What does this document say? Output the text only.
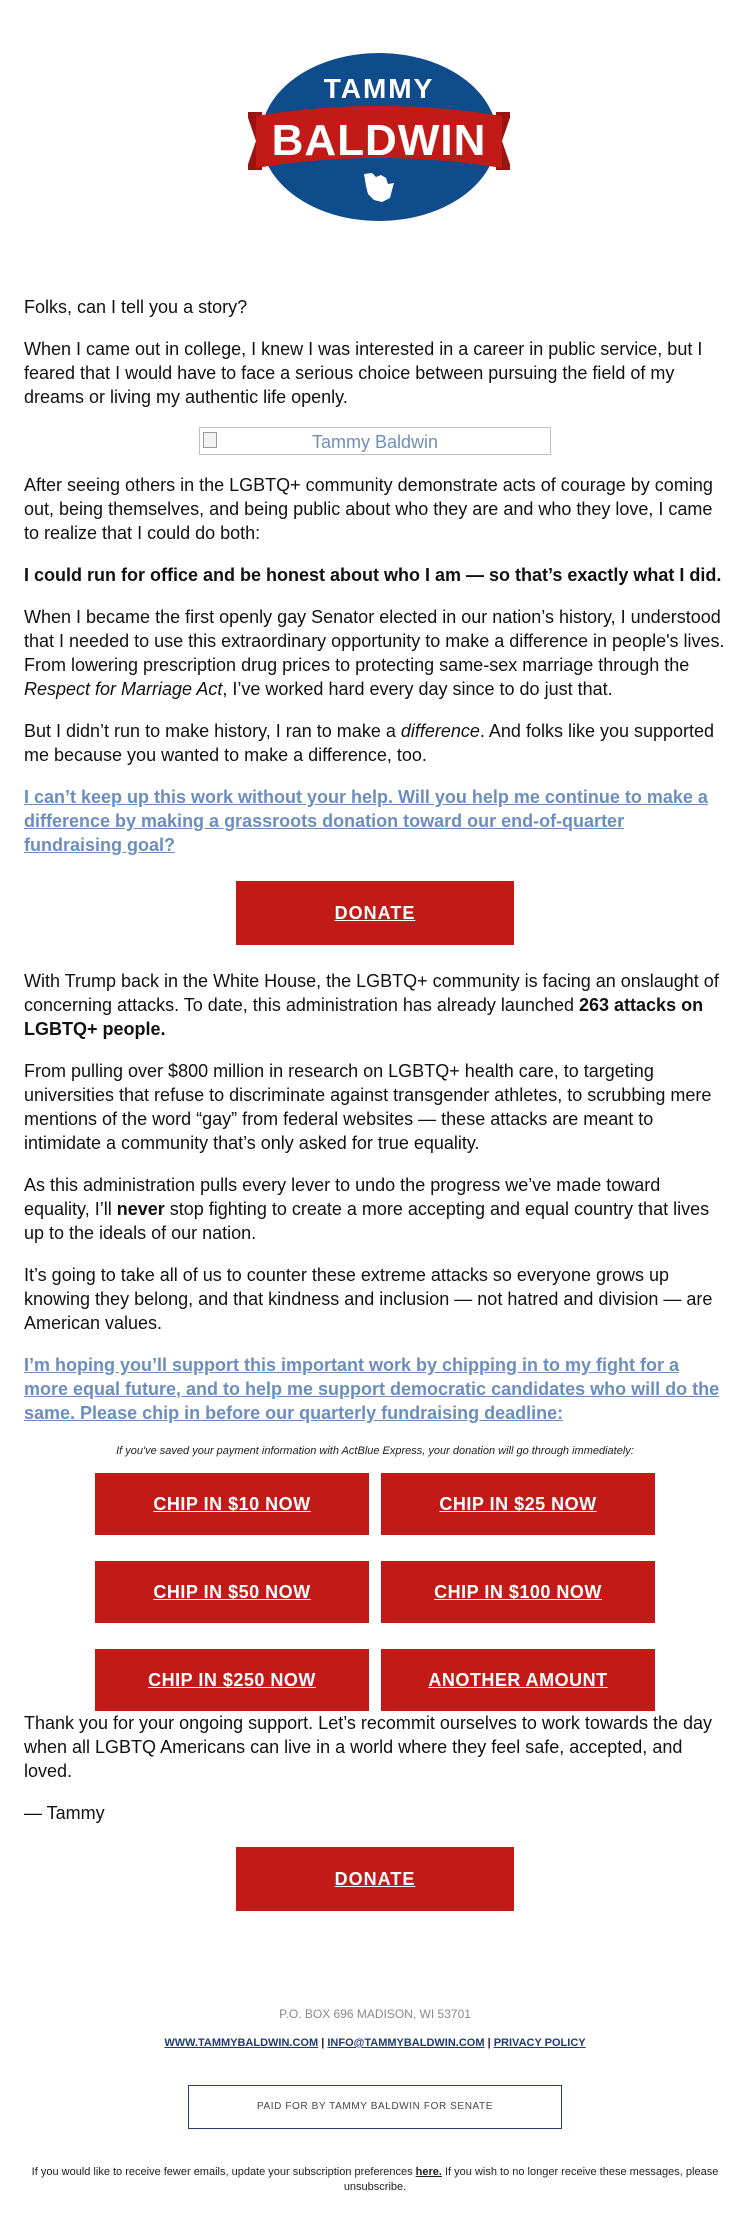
TAMMY
BALDWIN

Folks, can I tell you a story?

When I came out in college, I knew I was interested in a career in public service, but I feared that I would have to face a serious choice between pursuing the field of my dreams or living my authentic life openly.

Tammy Baldwin

After seeing others in the LGBTQ+ community demonstrate acts of courage by coming out, being themselves, and being public about who they are and who they love, I came to realize that I could do both:

I could run for office and be honest about who I am — so that’s exactly what I did.

When I became the first openly gay Senator elected in our nation’s history, I understood that I needed to use this extraordinary opportunity to make a difference in people's lives. From lowering prescription drug prices to protecting same-sex marriage through the Respect for Marriage Act, I’ve worked hard every day since to do just that.

But I didn’t run to make history, I ran to make a difference. And folks like you supported me because you wanted to make a difference, too.

I can’t keep up this work without your help. Will you help me continue to make a difference by making a grassroots donation toward our end-of-quarter fundraising goal?
DONATE

With Trump back in the White House, the LGBTQ+ community is facing an onslaught of concerning attacks. To date, this administration has already launched 263 attacks on LGBTQ+ people.

From pulling over $800 million in research on LGBTQ+ health care, to targeting universities that refuse to discriminate against transgender athletes, to scrubbing mere mentions of the word “gay” from federal websites — these attacks are meant to intimidate a community that’s only asked for true equality.

As this administration pulls every lever to undo the progress we’ve made toward equality, I’ll never stop fighting to create a more accepting and equal country that lives up to the ideals of our nation.

It’s going to take all of us to counter these extreme attacks so everyone grows up knowing they belong, and that kindness and inclusion — not hatred and division — are American values.

I’m hoping you’ll support this important work by chipping in to my fight for a more equal future, and to help me support democratic candidates who will do the same. Please chip in before our quarterly fundraising deadline:
If you've saved your payment information with ActBlue Express, your donation will go through immediately:
CHIP IN $10 NOW	CHIP IN $25 NOW
CHIP IN $50 NOW	CHIP IN $100 NOW
CHIP IN $250 NOW	ANOTHER AMOUNT

Thank you for your ongoing support. Let’s recommit ourselves to work towards the day when all LGBTQ Americans can live in a world where they feel safe, accepted, and loved.

— Tammy

DONATE
P.O. BOX 696 MADISON, WI 53701
WWW.TAMMYBALDWIN.COM | INFO@TAMMYBALDWIN.COM | PRIVACY POLICY
PAID FOR BY TAMMY BALDWIN FOR SENATE
If you would like to receive fewer emails, update your subscription preferences here. If you wish to no longer receive these messages, please unsubscribe.
